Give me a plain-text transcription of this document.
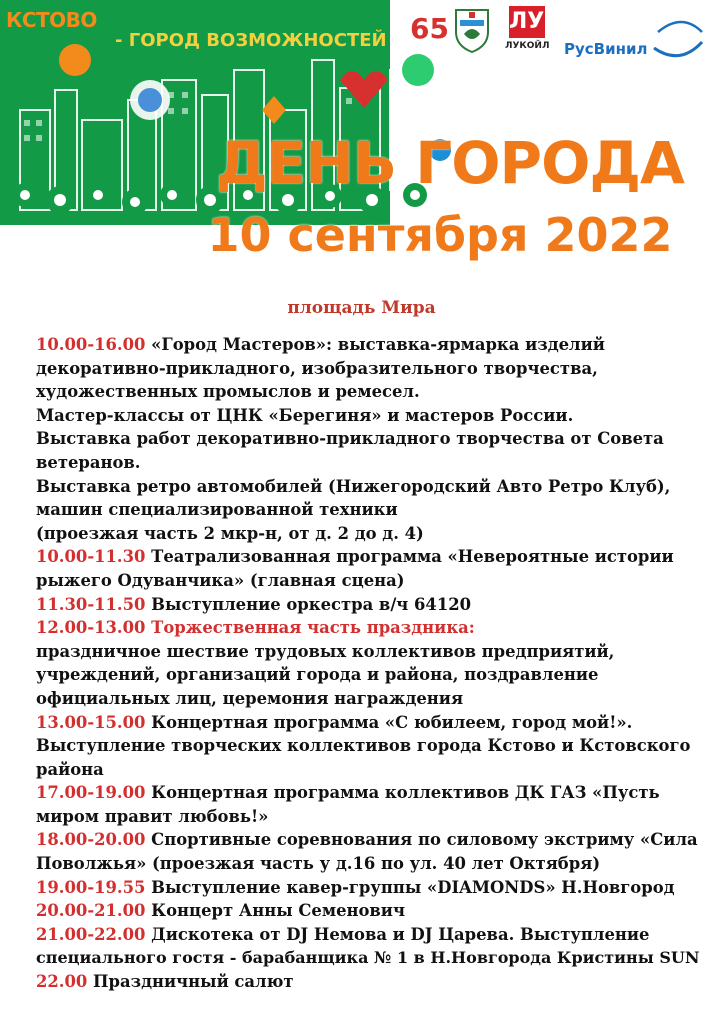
КСТОВО
- ГОРОД ВОЗМОЖНОСТЕЙ 65	ЛУК
ЛУКОЙЛ РусВинил
ДЕНЬ ГОРОДА
10 сентября 2022
площадь Мира
10.00-16.00 «Город Мастеров»: выставка-ярмарка изделий
декоративно-прикладного, изобразительного творчества,
художественных промыслов и ремесел.
Мастер-классы от ЦНК «Берегиня» и мастеров России.
Выставка работ декоративно-прикладного творчества от Совета
ветеранов.
Выставка ретро автомобилей (Нижегородский Авто Ретро Клуб),
машин специализированной техники
(проезжая часть 2 мкр-н, от д. 2 до д. 4)
10.00-11.30 Театрализованная программа «Невероятные истории
рыжего Одуванчика» (главная сцена)
11.30-11.50 Выступление оркестра в/ч 64120
12.00-13.00 Торжественная часть праздника:
праздничное шествие трудовых коллективов предприятий,
учреждений, организаций города и района, поздравление
официальных лиц, церемония награждения
13.00-15.00 Концертная программа «С юбилеем, город мой!».
Выступление творческих коллективов города Кстово и Кстовского
района
17.00-19.00 Концертная программа коллективов ДК ГАЗ «Пусть
миром правит любовь!»
18.00-20.00 Спортивные соревнования по силовому экстриму «Сила
Поволжья» (проезжая часть у д.16 по ул. 40 лет Октября)
19.00-19.55 Выступление кавер-группы «DIAMONDS» Н.Новгород
20.00-21.00 Концерт Анны Семенович
21.00-22.00 Дискотека от DJ Немова и DJ Царева. Выступление
специального гостя - барабанщика № 1 в Н.Новгорода Кристины SUN
22.00 Праздничный салют
